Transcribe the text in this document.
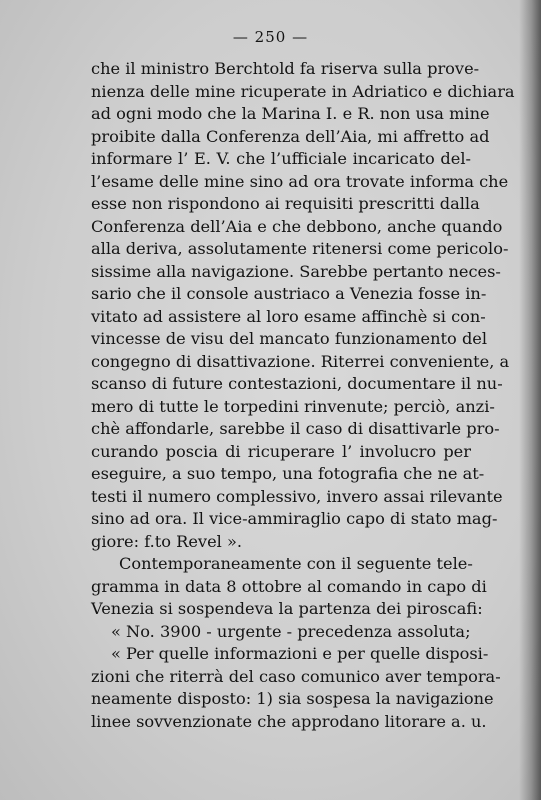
— 250 —
che il ministro Berchtold fa riserva sulla prove-
nienza delle mine ricuperate in Adriatico e dichiara
ad ogni modo che la Marina I. e R. non usa mine
proibite dalla Conferenza dell’Aia, mi affretto ad
informare l’ E. V. che l’ufficiale incaricato del-
l’esame delle mine sino ad ora trovate informa che
esse non rispondono ai requisiti prescritti dalla
Conferenza dell’Aia e che debbono, anche quando
alla deriva, assolutamente ritenersi come pericolo-
sissime alla navigazione. Sarebbe pertanto neces-
sario che il console austriaco a Venezia fosse in-
vitato ad assistere al loro esame affinchè si con-
vincesse de visu del mancato funzionamento del
congegno di disattivazione. Riterrei conveniente, a
scanso di future contestazioni, documentare il nu-
mero di tutte le torpedini rinvenute; perciò, anzi-
chè affondarle, sarebbe il caso di disattivarle pro-
curando poscia di ricuperare l’ involucro per
eseguire, a suo tempo, una fotografia che ne at-
testi il numero complessivo, invero assai rilevante
sino ad ora. Il vice-ammiraglio capo di stato mag-
giore: f.to Revel ».
Contemporaneamente con il seguente tele-
gramma in data 8 ottobre al comando in capo di
Venezia si sospendeva la partenza dei piroscafi:
« No. 3900 - urgente - precedenza assoluta;
« Per quelle informazioni e per quelle disposi-
zioni che riterrà del caso comunico aver tempora-
neamente disposto: 1) sia sospesa la navigazione
linee sovvenzionate che approdano litorare a. u.
